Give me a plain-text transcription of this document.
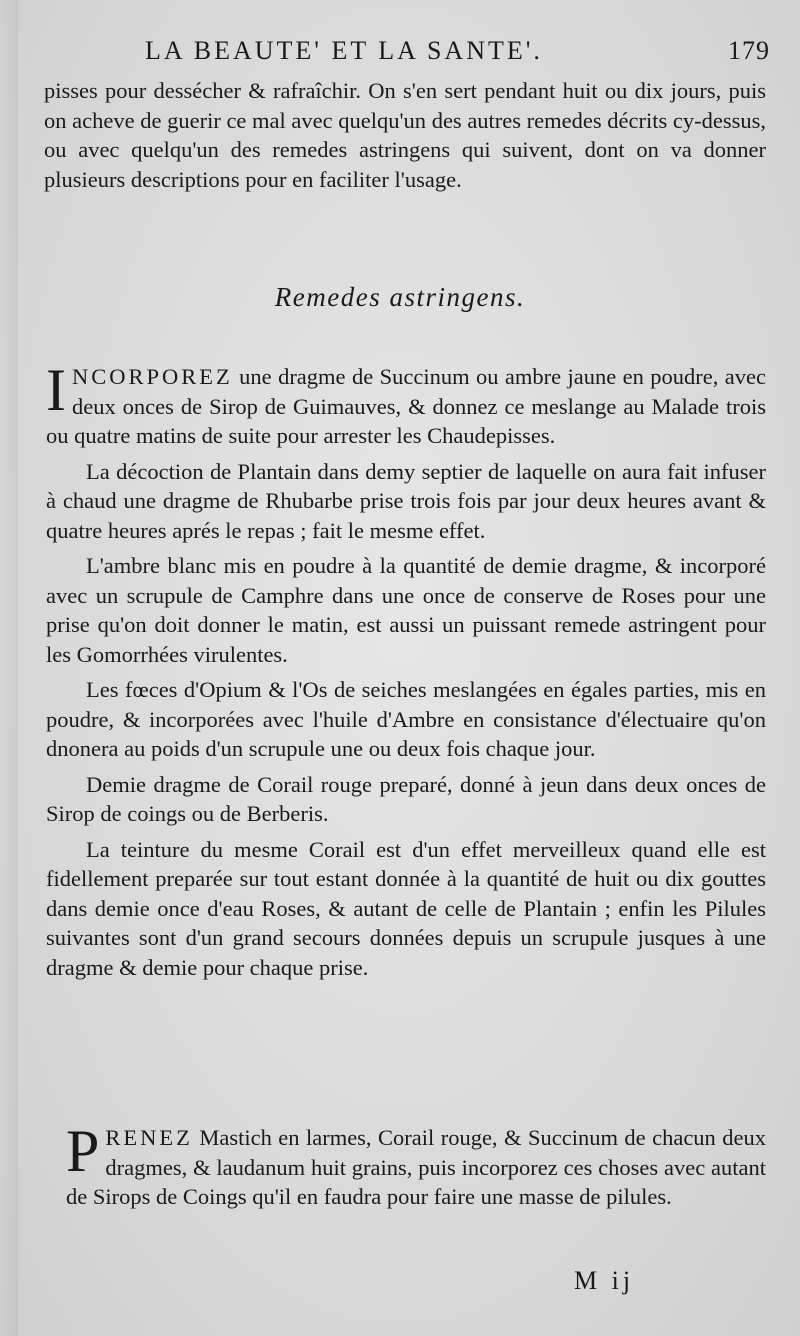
LA BEAUTE' ET LA SANTE'.	179

pisses pour dessécher & rafraîchir. On s'en sert pendant huit ou dix jours, puis on acheve de guerir ce mal avec quelqu'un des autres remedes décrits cy-dessus, ou avec quelqu'un des remedes astringens qui suivent, dont on va donner plusieurs descriptions pour en faciliter l'usage.

Remedes astringens.

I NCORPOREZ une dragme de Succinum ou ambre jaune en poudre, avec deux onces de Sirop de Guimauves, & donnez ce meslange au Malade trois ou quatre matins de suite pour arrester les Chaudepisses.

La décoction de Plantain dans demy septier de laquelle on aura fait infuser à chaud une dragme de Rhubarbe prise trois fois par jour deux heures avant & quatre heures aprés le repas ; fait le mesme effet.

L'ambre blanc mis en poudre à la quantité de demie dragme, & incorporé avec un scrupule de Camphre dans une once de conserve de Roses pour une prise qu'on doit donner le matin, est aussi un puissant remede astringent pour les Gomorrhées virulentes.

Les fœces d'Opium & l'Os de seiches meslangées en égales parties, mis en poudre, & incorporées avec l'huile d'Ambre en consistance d'électuaire qu'on dnonera au poids d'un scrupule une ou deux fois chaque jour.

Demie dragme de Corail rouge preparé, donné à jeun dans deux onces de Sirop de coings ou de Berberis.

La teinture du mesme Corail est d'un effet merveilleux quand elle est fidellement preparée sur tout estant donnée à la quantité de huit ou dix gouttes dans demie once d'eau Roses, & autant de celle de Plantain ; enfin les Pilules suivantes sont d'un grand secours données depuis un scrupule jusques à une dragme & demie pour chaque prise.

P RENEZ Mastich en larmes, Corail rouge, & Succinum de chacun deux dragmes, & laudanum huit grains, puis incorporez ces choses avec autant de Sirops de Coings qu'il en faudra pour faire une masse de pilules.

M ij
